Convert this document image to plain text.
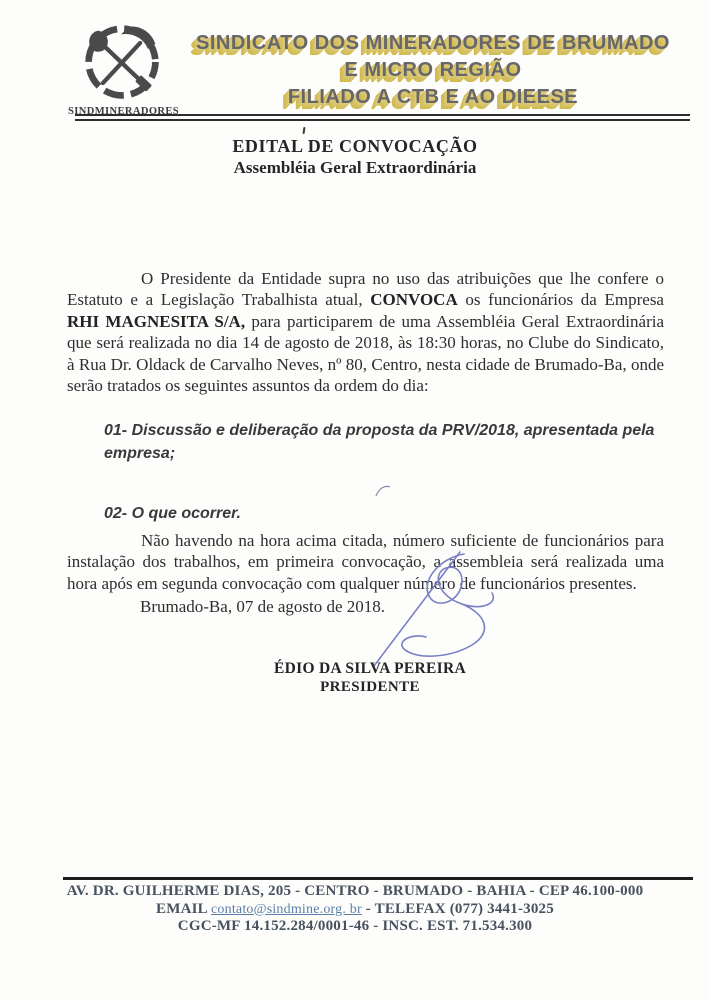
SINDMINERADORES
SINDICATO DOS MINERADORES DE BRUMADO
E MICRO REGIÃO
FILIADO A CTB E AO DIEESE
EDITAL DE CONVOCAÇÃO
Assembléia Geral Extraordinária

O Presidente da Entidade supra no uso das atribuições que lhe confere o Estatuto e a Legislação Trabalhista atual, CONVOCA os funcionários da Empresa RHI MAGNESITA S/A, para participarem de uma Assembléia Geral Extraordinária que será realizada no dia 14 de agosto de 2018, às 18:30 horas, no Clube do Sindicato, à Rua Dr. Oldack de Carvalho Neves, nº 80, Centro, nesta cidade de Brumado-Ba, onde serão tratados os seguintes assuntos da ordem do dia:

01- Discussão e deliberação da proposta da PRV/2018, apresentada pela empresa;
02- O que ocorrer.

Não havendo na hora acima citada, número suficiente de funcionários para instalação dos trabalhos, em primeira convocação, a assembleia será realizada uma hora após em segunda convocação com qualquer número de funcionários presentes.

Brumado-Ba, 07 de agosto de 2018.
ÉDIO DA SILVA PEREIRA
PRESIDENTE
AV. DR. GUILHERME DIAS, 205 - CENTRO - BRUMADO - BAHIA - CEP 46.100-000
EMAIL contato@sindmine.org. br - TELEFAX (077) 3441-3025
CGC-MF 14.152.284/0001-46 - INSC. EST. 71.534.300
